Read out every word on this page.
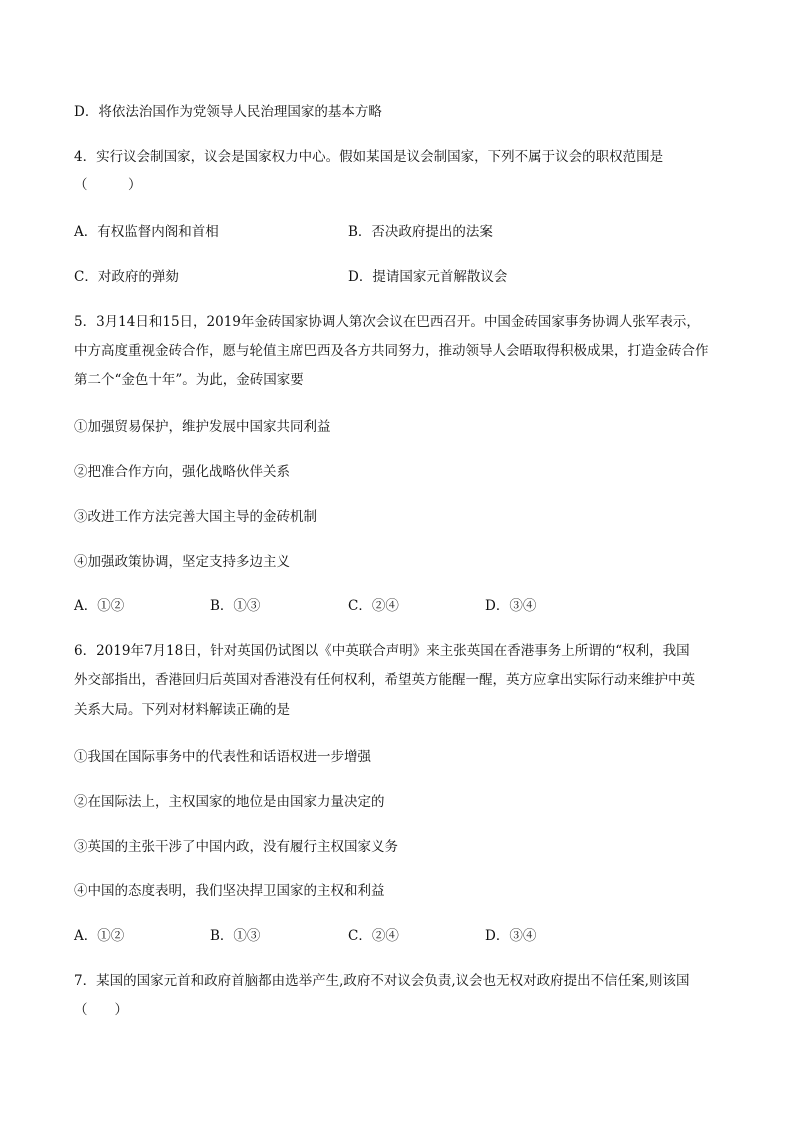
D．将依法治国作为党领导人民治理国家的基本方略
4．实行议会制国家，议会是国家权力中心。假如某国是议会制国家，下列不属于议会的职权范围是
（　　　）
A．有权监督内阁和首相	B．否决政府提出的法案
C．对政府的弹劾	D．提请国家元首解散议会
5．3月14日和15日，2019年金砖国家协调人第次会议在巴西召开。中国金砖国家事务协调人张军表示，
中方高度重视金砖合作，愿与轮值主席巴西及各方共同努力，推动领导人会晤取得积极成果，打造金砖合作
第二个“金色十年”。为此，金砖国家要
①加强贸易保护，维护发展中国家共同利益
②把准合作方向，强化战略伙伴关系
③改进工作方法完善大国主导的金砖机制
④加强政策协调，坚定支持多边主义
A．①②	B．①③	C．②④	D．③④
6．2019年7月18日，针对英国仍试图以《中英联合声明》来主张英国在香港事务上所谓的“权利，我国
外交部指出，香港回归后英国对香港没有任何权利，希望英方能醒一醒，英方应拿出实际行动来维护中英
关系大局。下列对材料解读正确的是
①我国在国际事务中的代表性和话语权进一步增强
②在国际法上，主权国家的地位是由国家力量决定的
③英国的主张干涉了中国内政，没有履行主权国家义务
④中国的态度表明，我们坚决捍卫国家的主权和利益
A．①②	B．①③	C．②④	D．③④
7．某国的国家元首和政府首脑都由选举产生,政府不对议会负责,议会也无权对政府提出不信任案,则该国
（　　）
